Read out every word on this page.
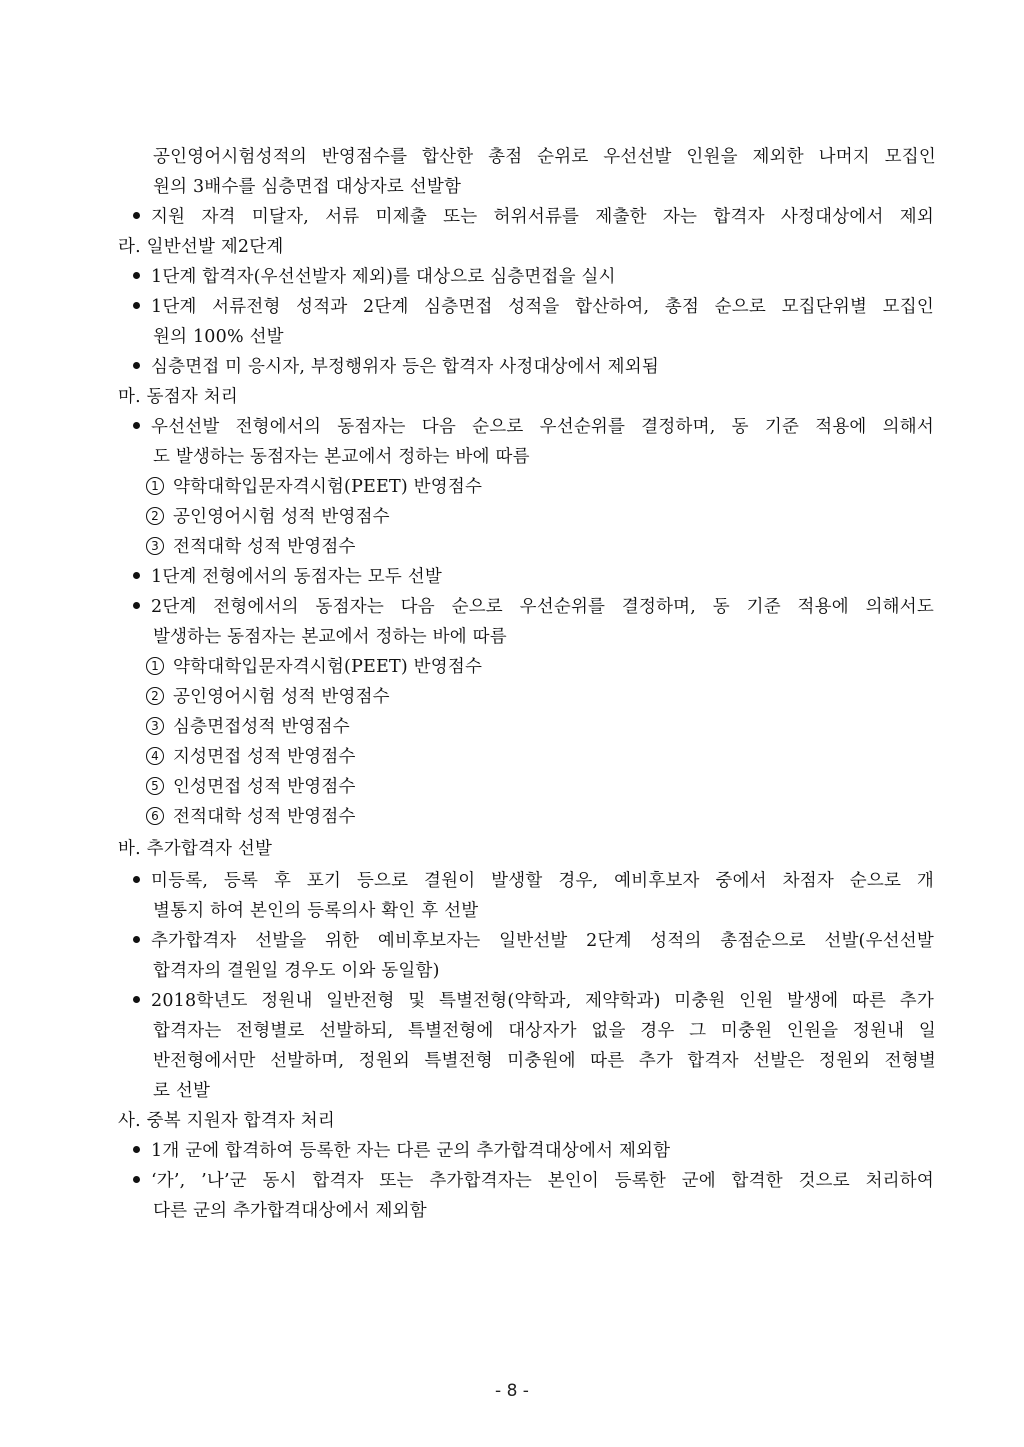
공인영어시험성적의 반영점수를 합산한 총점 순위로 우선선발 인원을 제외한 나머지 모집인
원의 3배수를 심층면접 대상자로 선발함
지원 자격 미달자, 서류 미제출 또는 허위서류를 제출한 자는 합격자 사정대상에서 제외
라. 일반선발 제2단계
1단계 합격자(우선선발자 제외)를 대상으로 심층면접을 실시
1단계 서류전형 성적과 2단계 심층면접 성적을 합산하여, 총점 순으로 모집단위별 모집인
원의 100% 선발
심층면접 미 응시자, 부정행위자 등은 합격자 사정대상에서 제외됨
마. 동점자 처리
우선선발 전형에서의 동점자는 다음 순으로 우선순위를 결정하며, 동 기준 적용에 의해서
도 발생하는 동점자는 본교에서 정하는 바에 따름
1 약학대학입문자격시험(PEET) 반영점수
2 공인영어시험 성적 반영점수
3 전적대학 성적 반영점수
1단계 전형에서의 동점자는 모두 선발
2단계 전형에서의 동점자는 다음 순으로 우선순위를 결정하며, 동 기준 적용에 의해서도
발생하는 동점자는 본교에서 정하는 바에 따름
1 약학대학입문자격시험(PEET) 반영점수
2 공인영어시험 성적 반영점수
3 심층면접성적 반영점수
4 지성면접 성적 반영점수
5 인성면접 성적 반영점수
6 전적대학 성적 반영점수
바. 추가합격자 선발
미등록, 등록 후 포기 등으로 결원이 발생할 경우, 예비후보자 중에서 차점자 순으로 개
별통지 하여 본인의 등록의사 확인 후 선발
추가합격자 선발을 위한 예비후보자는 일반선발 2단계 성적의 총점순으로 선발(우선선발
합격자의 결원일 경우도 이와 동일함)
2018학년도 정원내 일반전형 및 특별전형(약학과, 제약학과) 미충원 인원 발생에 따른 추가
합격자는 전형별로 선발하되, 특별전형에 대상자가 없을 경우 그 미충원 인원을 정원내 일
반전형에서만 선발하며, 정원외 특별전형 미충원에 따른 추가 합격자 선발은 정원외 전형별
로 선발
사. 중복 지원자 합격자 처리
1개 군에 합격하여 등록한 자는 다른 군의 추가합격대상에서 제외함
‘가’, ’나’군 동시 합격자 또는 추가합격자는 본인이 등록한 군에 합격한 것으로 처리하여
다른 군의 추가합격대상에서 제외함
- 8 -
